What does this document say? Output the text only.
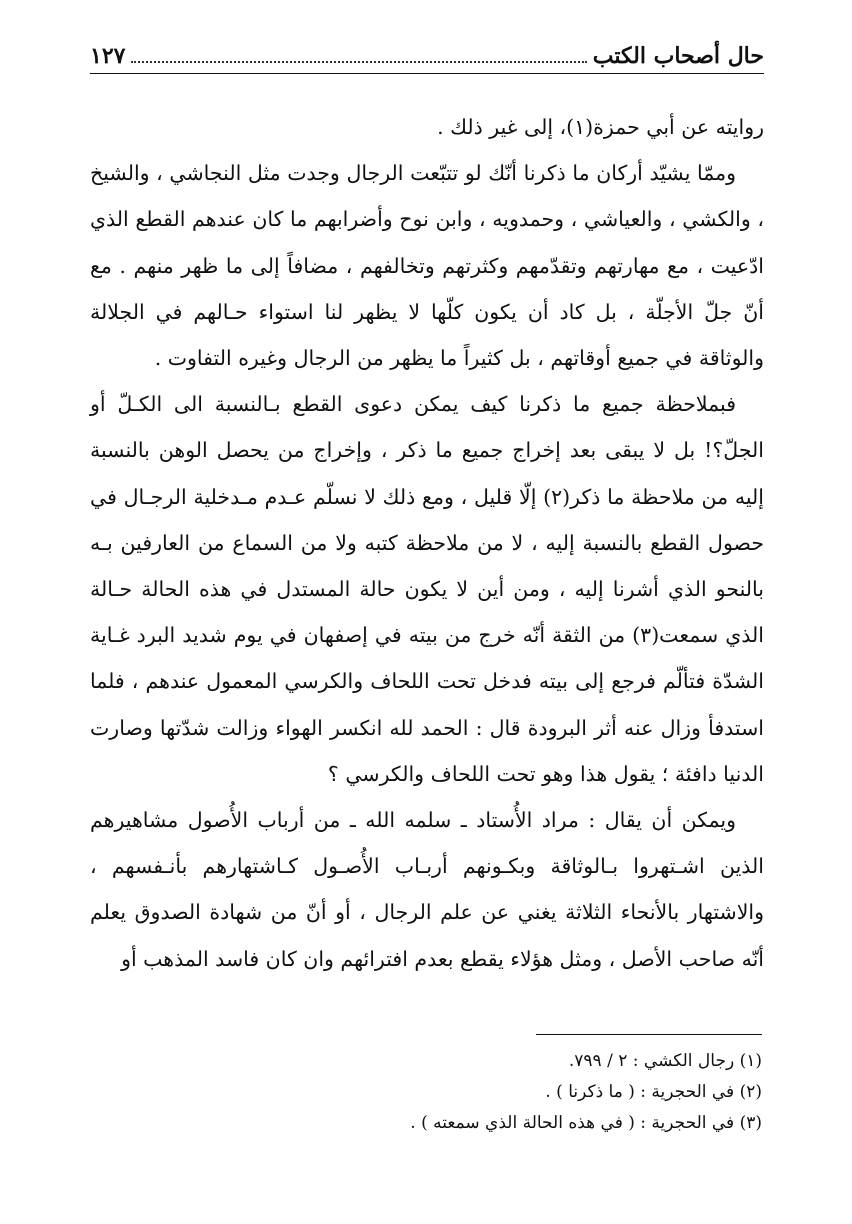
١٢٧	حال أصحاب الكتب

روايته عن أبي حمزة(١)، إلى غير ذلك .

وممّا يشيّد أركان ما ذكرنا أنّك لو تتبّعت الرجال وجدت مثل النجاشي ، والشيخ ، والكشي ، والعياشي ، وحمدويه ، وابن نوح وأضرابهم ما كان عندهم القطع الذي ادّعيت ، مع مهارتهم وتقدّمهم وكثرتهم وتخالفهم ، مضافاً إلى ما ظهر منهم . مع أنّ جلّ الأجلّة ، بل كاد أن يكون كلّها لا يظهر لنا استواء حـالهم في الجلالة والوثاقة في جميع أوقاتهم ، بل كثيراً ما يظهر من الرجال وغيره التفاوت .

فبملاحظة جميع ما ذكرنا كيف يمكن دعوى القطع بـالنسبة الى الكـلّ أو الجلّ؟! بل لا يبقى بعد إخراج جميع ما ذكر ، وإخراج من يحصل الوهن بالنسبة إليه من ملاحظة ما ذكر(٢) إلّا قليل ، ومع ذلك لا نسلّم عـدم مـدخلية الرجـال في حصول القطع بالنسبة إليه ، لا من ملاحظة كتبه ولا من السماع من العارفين بـه بالنحو الذي أشرنا إليه ، ومن أين لا يكون حالة المستدل في هذه الحالة حـالة الذي سمعت(٣) من الثقة أنّه خرج من بيته في إصفهان في يوم شديد البرد غـاية الشدّة فتألّم فرجع إلى بيته فدخل تحت اللحاف والكرسي المعمول عندهم ، فلما استدفأ وزال عنه أثر البرودة قال : الحمد لله انكسر الهواء وزالت شدّتها وصارت الدنيا دافئة ؛ يقول هذا وهو تحت اللحاف والكرسي ؟

ويمكن أن يقال : مراد الأُستاد ـ سلمه الله ـ من أرباب الأُصول مشاهيرهم الذين اشـتهروا بـالوثاقة وبكـونهم أربـاب الأُصـول كـاشتهارهم بأنـفسهم ، والاشتهار بالأنحاء الثلاثة يغني عن علم الرجال ، أو أنّ من شهادة الصدوق يعلم أنّه صاحب الأصل ، ومثل هؤلاء يقطع بعدم افترائهم وان كان فاسد المذهب أو

(١) رجال الكشي : ٢ / ٧٩٩.

(٢) في الحجرية : ( ما ذكرنا ) .

(٣) في الحجرية : ( في هذه الحالة الذي سمعته ) .
